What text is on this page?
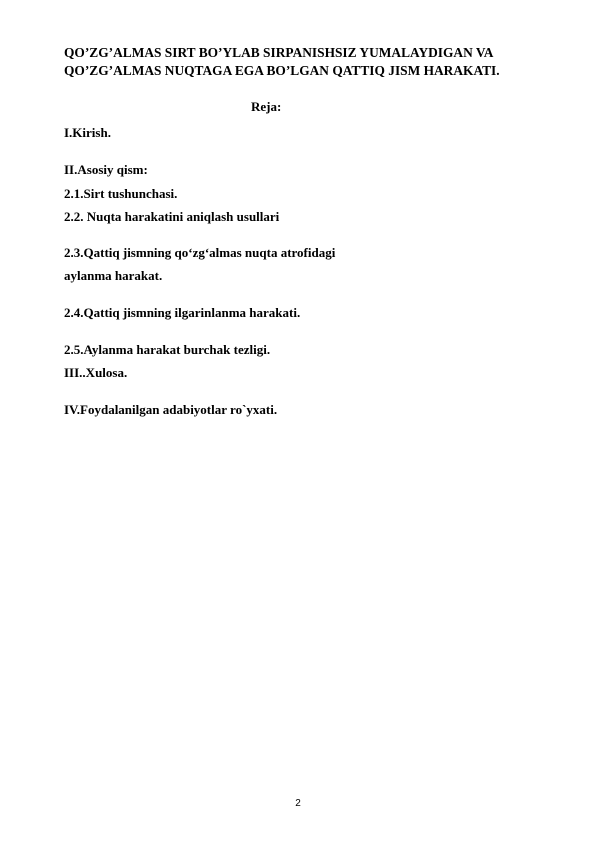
QO’ZG’ALMAS SIRT BO’YLAB SIRPANISHSIZ YUMALAYDIGAN VA
QO’ZG’ALMAS NUQTAGA EGA BO’LGAN QATTIQ JISM HARAKATI.
Reja:
I.Kirish.
II.Asosiy qism:
2.1.Sirt tushunchasi.
2.2. Nuqta harakatini aniqlash usullari
2.3.Qattiq jismning qo‘zg‘almas nuqta atrofidagi
aylanma harakat.
2.4.Qattiq jismning ilgarinlanma harakati.
2.5.Aylanma harakat burchak tezligi.
III..Xulosa.
IV.Foydalanilgan adabiyotlar ro`yxati.
2
